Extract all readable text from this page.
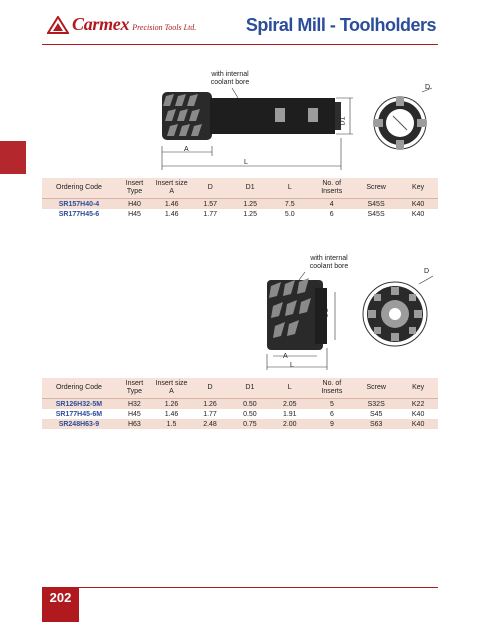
Carmex Precision Tools Ltd.	Spiral Mill - Toolholders
with internal coolant bore
D
D1
A
L
Ordering Code	Insert Type	Insert size A	D	D1	L	No. of Inserts	Screw	Key
SR157H40-4	H40	1.46	1.57	1.25	7.5	4	S45S	K40
SR177H45-6	H45	1.46	1.77	1.25	5.0	6	S45S	K40
with internal coolant bore
D
D1
A
L
Ordering Code	Insert Type	Insert size A	D	D1	L	No. of Inserts	Screw	Key
SR126H32-5M	H32	1.26	1.26	0.50	2.05	5	S32S	K22
SR177H45-6M	H45	1.46	1.77	0.50	1.91	6	S45	K40
SR248H63-9	H63	1.5	2.48	0.75	2.00	9	S63	K40
202
